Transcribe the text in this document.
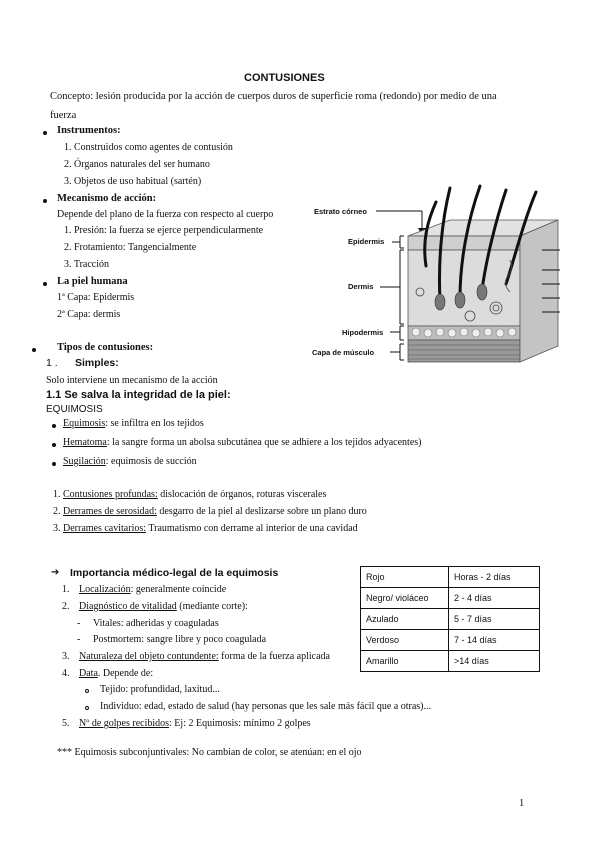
CONTUSIONES
Concepto: lesión producida por la acción de cuerpos duros de superficie roma (redondo) por medio de una
fuerza
Instrumentos:
1. Construidos como agentes de contusión
2. Órganos naturales del ser humano
3. Objetos de uso habitual (sartén)
Mecanismo de acción:
Depende del plano de la fuerza con respecto al cuerpo
1. Presión: la fuerza se ejerce perpendicularmente
2. Frotamiento: Tangencialmente
3. Tracción
La piel humana
1ª Capa: Epidermis
2ª Capa: dermis
Estrato córneo
Epidermis
Dermis
Hipodermis
Capa de músculo
Tipos de contusiones:
1 . Simples:
Solo interviene un mecanismo de la acción
1.1 Se salva la integridad de la piel:
EQUIMOSIS
Equimosis: se infiltra en los tejidos
Hematoma: la sangre forma un abolsa subcutánea que se adhiere a los tejidos adyacentes)
Sugilación: equimosis de succión
1. Contusiones profundas: dislocación de órganos, roturas viscerales
2. Derrames de serosidad: desgarro de la piel al deslizarse sobre un plano duro
3. Derrames cavitarios: Traumatismo con derrame al interior de una cavidad
➔ Importancia médico-legal de la equimosis
1. Localización: generalmente coincide
2. Diagnóstico de vitalidad (mediante corte):
- Vitales: adheridas y coaguladas
- Postmortem: sangre libre y poco coagulada
3. Naturaleza del objeto contundente: forma de la fuerza aplicada
4. Data. Depende de:
Tejido: profundidad, laxitud...
Individuo: edad, estado de salud (hay personas que les sale más fácil que a otras)...
5. Nº de golpes recibidos: Ej: 2 Equimosis: mínimo 2 golpes
Rojo	Horas - 2 días
Negro/ violáceo	2 - 4 días
Azulado	5 - 7 días
Verdoso	7 - 14 días
Amarillo	>14 días
*** Equimosis subconjuntivales: No cambian de color, se atenúan: en el ojo
1
